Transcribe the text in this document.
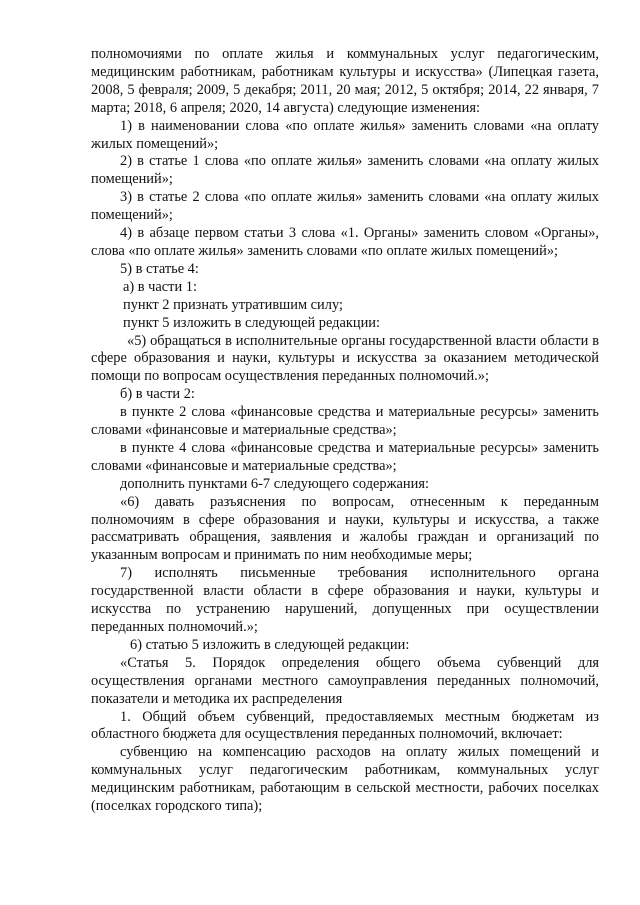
полномочиями по оплате жилья и коммунальных услуг педагогическим, медицинским работникам, работникам культуры и искусства» (Липецкая газета, 2008, 5 февраля; 2009, 5 декабря; 2011, 20 мая; 2012, 5 октября; 2014, 22 января, 7 марта; 2018, 6 апреля; 2020, 14 августа) следующие изменения:

1) в наименовании слова «по оплате жилья» заменить словами «на оплату жилых помещений»;

2) в статье 1 слова «по оплате жилья» заменить словами «на оплату жилых помещений»;

3) в статье 2 слова «по оплате жилья» заменить словами «на оплату жилых помещений»;

4) в абзаце первом статьи 3 слова «1. Органы» заменить словом «Органы», слова «по оплате жилья» заменить словами «по оплате жилых помещений»;

5) в статье 4:

а) в части 1:

пункт 2 признать утратившим силу;

пункт 5 изложить в следующей редакции:

«5) обращаться в исполнительные органы государственной власти области в сфере образования и науки, культуры и искусства за оказанием методической помощи по вопросам осуществления переданных полномочий.»;

б) в части 2:

в пункте 2 слова «финансовые средства и материальные ресурсы» заменить словами «финансовые и материальные средства»;

в пункте 4 слова «финансовые средства и материальные ресурсы» заменить словами «финансовые и материальные средства»;

дополнить пунктами 6-7 следующего содержания:

«6) давать разъяснения по вопросам, отнесенным к переданным полномочиям в сфере образования и науки, культуры и искусства, а также рассматривать обращения, заявления и жалобы граждан и организаций по указанным вопросам и принимать по ним необходимые меры;

7) исполнять письменные требования исполнительного органа государственной власти области в сфере образования и науки, культуры и искусства по устранению нарушений, допущенных при осуществлении переданных полномочий.»;

6) статью 5 изложить в следующей редакции:

«Статья 5. Порядок определения общего объема субвенций для осуществления органами местного самоуправления переданных полномочий, показатели и методика их распределения

1. Общий объем субвенций, предоставляемых местным бюджетам из областного бюджета для осуществления переданных полномочий, включает:

субвенцию на компенсацию расходов на оплату жилых помещений и коммунальных услуг педагогическим работникам, коммунальных услуг медицинским работникам, работающим в сельской местности, рабочих поселках (поселках городского типа);
